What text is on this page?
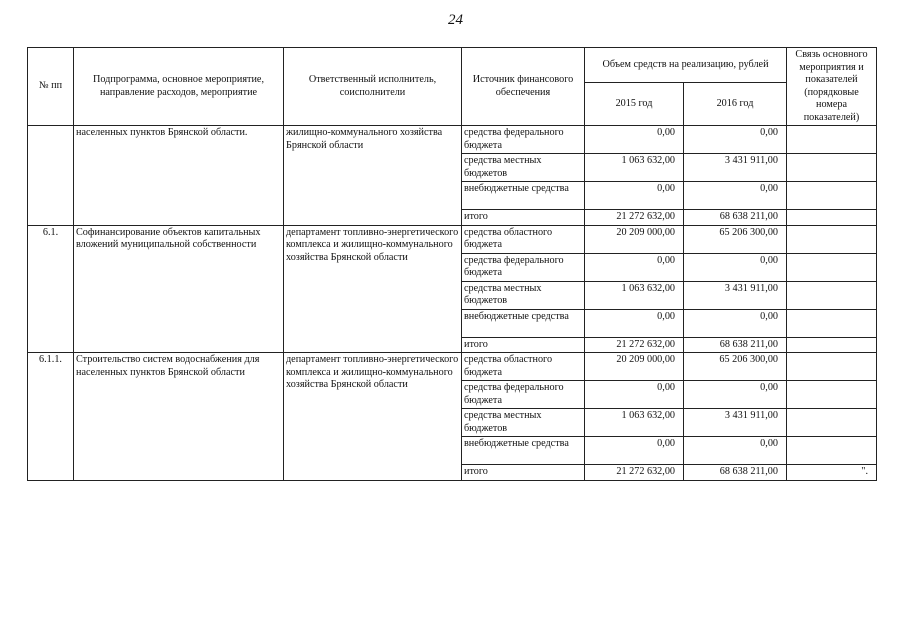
24
№ пп	Подпрограмма, основное мероприятие, направление расходов, мероприятие	Ответственный исполнитель, соисполнители	Источник финансового обеспечения	Объем средств на реализацию, рублей		Связь основного мероприятия и показателей (порядковые номера показателей)
				2015 год	2016 год	
	населенных пунктов Брянской области.	жилищно-коммунального хозяйства Брянской области	средства федерального бюджета	0,00	0,00	
			средства местных бюджетов	1 063 632,00	3 431 911,00	
			внебюджетные средства	0,00	0,00	
			итого	21 272 632,00	68 638 211,00	
6.1.	Софинансирование объектов капитальных вложений муниципальной собственности	департамент топливно-энергетического комплекса и жилищно-коммунального хозяйства Брянской области	средства областного бюджета	20 209 000,00	65 206 300,00	
			средства федерального бюджета	0,00	0,00	
			средства местных бюджетов	1 063 632,00	3 431 911,00	
			внебюджетные средства	0,00	0,00	
			итого	21 272 632,00	68 638 211,00	
6.1.1.	Строительство систем водоснабжения для населенных пунктов Брянской области	департамент топливно-энергетического комплекса и жилищно-коммунального хозяйства Брянской области	средства областного бюджета	20 209 000,00	65 206 300,00	
			средства федерального бюджета	0,00	0,00	
			средства местных бюджетов	1 063 632,00	3 431 911,00	
			внебюджетные средства	0,00	0,00	
			итого	21 272 632,00	68 638 211,00	".
